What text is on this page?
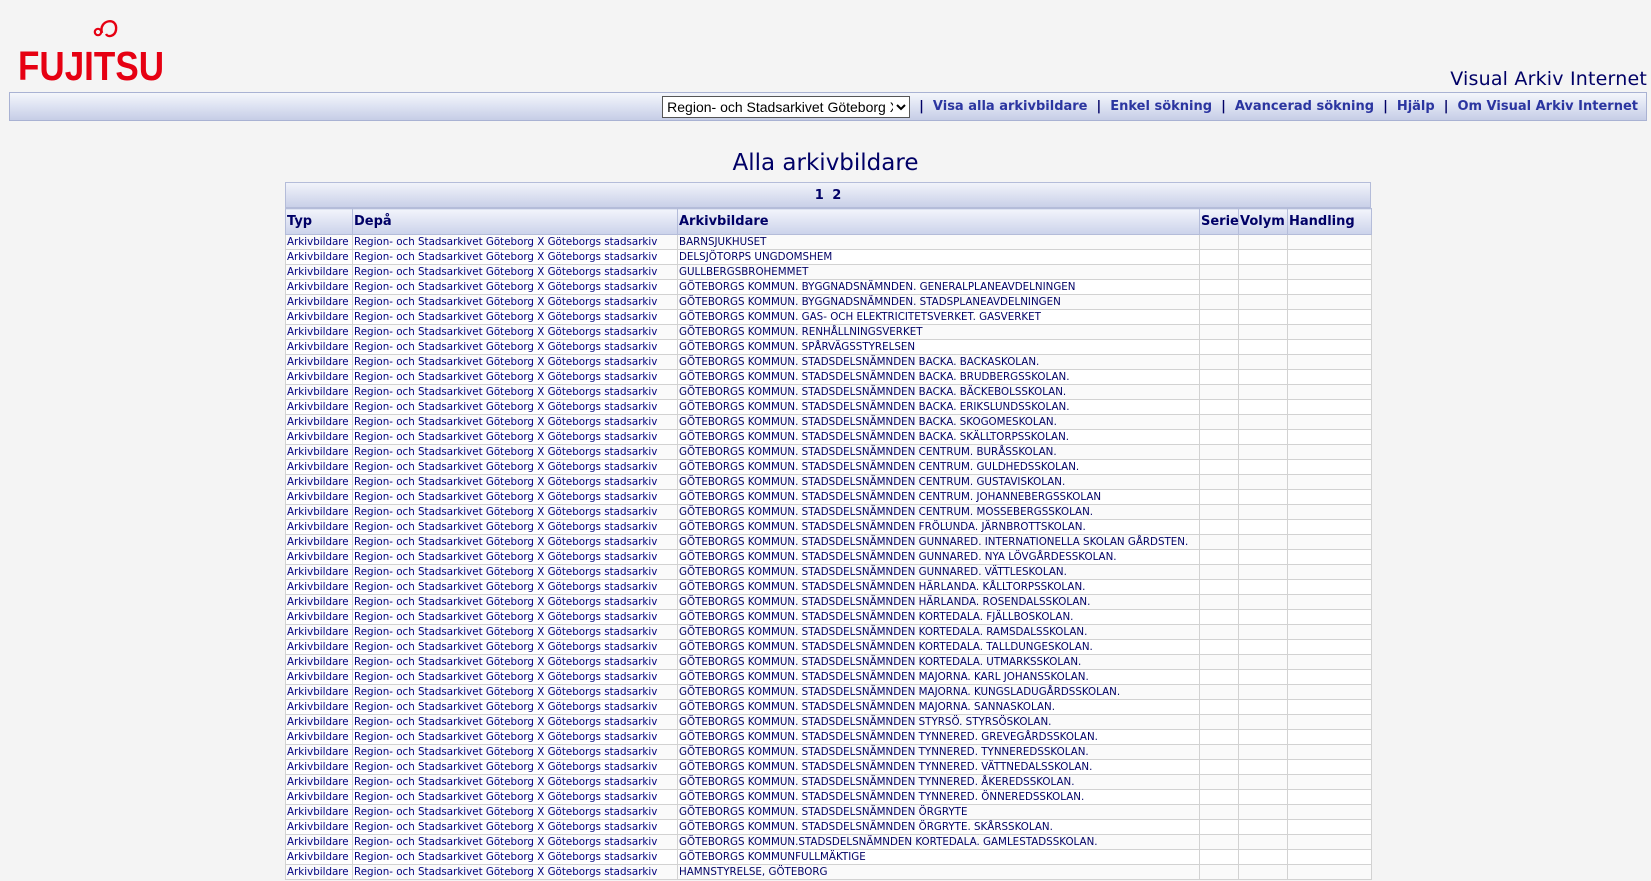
FUJITSU	Visual Arkiv Internet
Region- och Stadsarkivet Göteborg X
| Visa alla arkivbildare | Enkel sökning | Avancerad sökning | Hjälp | Om Visual Arkiv Internet
Alla arkivbildare
1 2
Typ	Depå	Arkivbildare	Serie	Volym	Handling
Arkivbildare	Region- och Stadsarkivet Göteborg X Göteborgs stadsarkiv	BARNSJUKHUSET			
Arkivbildare	Region- och Stadsarkivet Göteborg X Göteborgs stadsarkiv	DELSJÖTORPS UNGDOMSHEM			
Arkivbildare	Region- och Stadsarkivet Göteborg X Göteborgs stadsarkiv	GULLBERGSBROHEMMET			
Arkivbildare	Region- och Stadsarkivet Göteborg X Göteborgs stadsarkiv	GÖTEBORGS KOMMUN. BYGGNADSNÄMNDEN. GENERALPLANEAVDELNINGEN			
Arkivbildare	Region- och Stadsarkivet Göteborg X Göteborgs stadsarkiv	GÖTEBORGS KOMMUN. BYGGNADSNÄMNDEN. STADSPLANEAVDELNINGEN			
Arkivbildare	Region- och Stadsarkivet Göteborg X Göteborgs stadsarkiv	GÖTEBORGS KOMMUN. GAS- OCH ELEKTRICITETSVERKET. GASVERKET			
Arkivbildare	Region- och Stadsarkivet Göteborg X Göteborgs stadsarkiv	GÖTEBORGS KOMMUN. RENHÅLLNINGSVERKET			
Arkivbildare	Region- och Stadsarkivet Göteborg X Göteborgs stadsarkiv	GÖTEBORGS KOMMUN. SPÅRVÄGSSTYRELSEN			
Arkivbildare	Region- och Stadsarkivet Göteborg X Göteborgs stadsarkiv	GÖTEBORGS KOMMUN. STADSDELSNÄMNDEN BACKA. BACKASKOLAN.			
Arkivbildare	Region- och Stadsarkivet Göteborg X Göteborgs stadsarkiv	GÖTEBORGS KOMMUN. STADSDELSNÄMNDEN BACKA. BRUDBERGSSKOLAN.			
Arkivbildare	Region- och Stadsarkivet Göteborg X Göteborgs stadsarkiv	GÖTEBORGS KOMMUN. STADSDELSNÄMNDEN BACKA. BÄCKEBOLSSKOLAN.			
Arkivbildare	Region- och Stadsarkivet Göteborg X Göteborgs stadsarkiv	GÖTEBORGS KOMMUN. STADSDELSNÄMNDEN BACKA. ERIKSLUNDSSKOLAN.			
Arkivbildare	Region- och Stadsarkivet Göteborg X Göteborgs stadsarkiv	GÖTEBORGS KOMMUN. STADSDELSNÄMNDEN BACKA. SKOGOMESKOLAN.			
Arkivbildare	Region- och Stadsarkivet Göteborg X Göteborgs stadsarkiv	GÖTEBORGS KOMMUN. STADSDELSNÄMNDEN BACKA. SKÄLLTORPSSKOLAN.			
Arkivbildare	Region- och Stadsarkivet Göteborg X Göteborgs stadsarkiv	GÖTEBORGS KOMMUN. STADSDELSNÄMNDEN CENTRUM. BURÅSSKOLAN.			
Arkivbildare	Region- och Stadsarkivet Göteborg X Göteborgs stadsarkiv	GÖTEBORGS KOMMUN. STADSDELSNÄMNDEN CENTRUM. GULDHEDSSKOLAN.			
Arkivbildare	Region- och Stadsarkivet Göteborg X Göteborgs stadsarkiv	GÖTEBORGS KOMMUN. STADSDELSNÄMNDEN CENTRUM. GUSTAVISKOLAN.			
Arkivbildare	Region- och Stadsarkivet Göteborg X Göteborgs stadsarkiv	GÖTEBORGS KOMMUN. STADSDELSNÄMNDEN CENTRUM. JOHANNEBERGSSKOLAN			
Arkivbildare	Region- och Stadsarkivet Göteborg X Göteborgs stadsarkiv	GÖTEBORGS KOMMUN. STADSDELSNÄMNDEN CENTRUM. MOSSEBERGSSKOLAN.			
Arkivbildare	Region- och Stadsarkivet Göteborg X Göteborgs stadsarkiv	GÖTEBORGS KOMMUN. STADSDELSNÄMNDEN FRÖLUNDA. JÄRNBROTTSKOLAN.			
Arkivbildare	Region- och Stadsarkivet Göteborg X Göteborgs stadsarkiv	GÖTEBORGS KOMMUN. STADSDELSNÄMNDEN GUNNARED. INTERNATIONELLA SKOLAN GÅRDSTEN.			
Arkivbildare	Region- och Stadsarkivet Göteborg X Göteborgs stadsarkiv	GÖTEBORGS KOMMUN. STADSDELSNÄMNDEN GUNNARED. NYA LÖVGÅRDESSKOLAN.			
Arkivbildare	Region- och Stadsarkivet Göteborg X Göteborgs stadsarkiv	GÖTEBORGS KOMMUN. STADSDELSNÄMNDEN GUNNARED. VÄTTLESKOLAN.			
Arkivbildare	Region- och Stadsarkivet Göteborg X Göteborgs stadsarkiv	GÖTEBORGS KOMMUN. STADSDELSNÄMNDEN HÄRLANDA. KÅLLTORPSSKOLAN.			
Arkivbildare	Region- och Stadsarkivet Göteborg X Göteborgs stadsarkiv	GÖTEBORGS KOMMUN. STADSDELSNÄMNDEN HÄRLANDA. ROSENDALSSKOLAN.			
Arkivbildare	Region- och Stadsarkivet Göteborg X Göteborgs stadsarkiv	GÖTEBORGS KOMMUN. STADSDELSNÄMNDEN KORTEDALA. FJÄLLBOSKOLAN.			
Arkivbildare	Region- och Stadsarkivet Göteborg X Göteborgs stadsarkiv	GÖTEBORGS KOMMUN. STADSDELSNÄMNDEN KORTEDALA. RAMSDALSSKOLAN.			
Arkivbildare	Region- och Stadsarkivet Göteborg X Göteborgs stadsarkiv	GÖTEBORGS KOMMUN. STADSDELSNÄMNDEN KORTEDALA. TALLDUNGESKOLAN.			
Arkivbildare	Region- och Stadsarkivet Göteborg X Göteborgs stadsarkiv	GÖTEBORGS KOMMUN. STADSDELSNÄMNDEN KORTEDALA. UTMARKSSKOLAN.			
Arkivbildare	Region- och Stadsarkivet Göteborg X Göteborgs stadsarkiv	GÖTEBORGS KOMMUN. STADSDELSNÄMNDEN MAJORNA. KARL JOHANSSKOLAN.			
Arkivbildare	Region- och Stadsarkivet Göteborg X Göteborgs stadsarkiv	GÖTEBORGS KOMMUN. STADSDELSNÄMNDEN MAJORNA. KUNGSLADUGÅRDSSKOLAN.			
Arkivbildare	Region- och Stadsarkivet Göteborg X Göteborgs stadsarkiv	GÖTEBORGS KOMMUN. STADSDELSNÄMNDEN MAJORNA. SANNASKOLAN.			
Arkivbildare	Region- och Stadsarkivet Göteborg X Göteborgs stadsarkiv	GÖTEBORGS KOMMUN. STADSDELSNÄMNDEN STYRSÖ. STYRSÖSKOLAN.			
Arkivbildare	Region- och Stadsarkivet Göteborg X Göteborgs stadsarkiv	GÖTEBORGS KOMMUN. STADSDELSNÄMNDEN TYNNERED. GREVEGÅRDSSKOLAN.			
Arkivbildare	Region- och Stadsarkivet Göteborg X Göteborgs stadsarkiv	GÖTEBORGS KOMMUN. STADSDELSNÄMNDEN TYNNERED. TYNNEREDSSKOLAN.			
Arkivbildare	Region- och Stadsarkivet Göteborg X Göteborgs stadsarkiv	GÖTEBORGS KOMMUN. STADSDELSNÄMNDEN TYNNERED. VÄTTNEDALSSKOLAN.			
Arkivbildare	Region- och Stadsarkivet Göteborg X Göteborgs stadsarkiv	GÖTEBORGS KOMMUN. STADSDELSNÄMNDEN TYNNERED. ÅKEREDSSKOLAN.			
Arkivbildare	Region- och Stadsarkivet Göteborg X Göteborgs stadsarkiv	GÖTEBORGS KOMMUN. STADSDELSNÄMNDEN TYNNERED. ÖNNEREDSSKOLAN.			
Arkivbildare	Region- och Stadsarkivet Göteborg X Göteborgs stadsarkiv	GÖTEBORGS KOMMUN. STADSDELSNÄMNDEN ÖRGRYTE			
Arkivbildare	Region- och Stadsarkivet Göteborg X Göteborgs stadsarkiv	GÖTEBORGS KOMMUN. STADSDELSNÄMNDEN ÖRGRYTE. SKÅRSSKOLAN.			
Arkivbildare	Region- och Stadsarkivet Göteborg X Göteborgs stadsarkiv	GÖTEBORGS KOMMUN.STADSDELSNÄMNDEN KORTEDALA. GAMLESTADSSKOLAN.			
Arkivbildare	Region- och Stadsarkivet Göteborg X Göteborgs stadsarkiv	GÖTEBORGS KOMMUNFULLMÄKTIGE			
Arkivbildare	Region- och Stadsarkivet Göteborg X Göteborgs stadsarkiv	HAMNSTYRELSE, GÖTEBORG			
